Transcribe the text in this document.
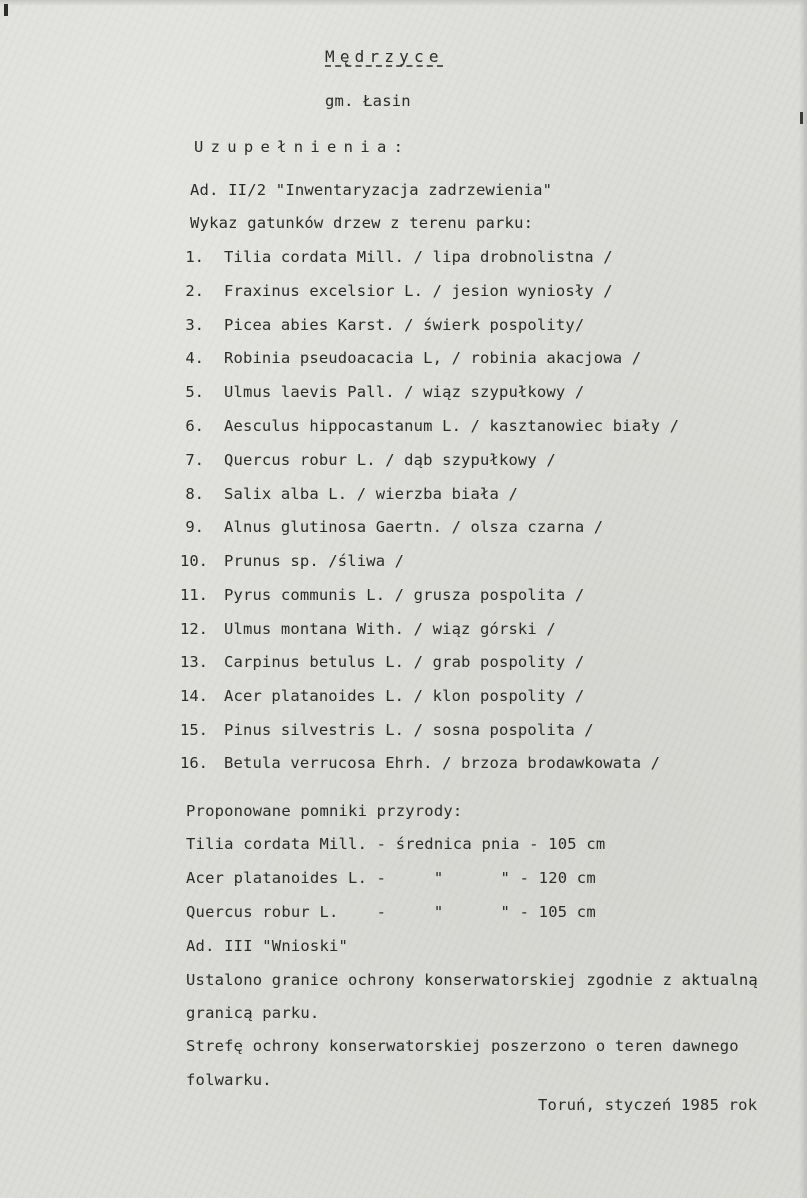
Mędrzyce
gm. Łasin
Uzupełnienia:
Ad. II/2 "Inwentaryzacja zadrzewienia"
Wykaz gatunków drzew z terenu parku:
1. Tilia cordata Mill. / lipa drobnolistna /
2. Fraxinus excelsior L. / jesion wyniosły /
3. Picea abies Karst. / świerk pospolity/
4. Robinia pseudoacacia L, / robinia akacjowa /
5. Ulmus laevis Pall. / wiąz szypułkowy /
6. Aesculus hippocastanum L. / kasztanowiec biały /
7. Quercus robur L. / dąb szypułkowy /
8. Salix alba L. / wierzba biała /
9. Alnus glutinosa Gaertn. / olsza czarna /
10. Prunus sp. /śliwa /
11. Pyrus communis L. / grusza pospolita /
12. Ulmus montana With. / wiąz górski /
13. Carpinus betulus L. / grab pospolity /
14. Acer platanoides L. / klon pospolity /
15. Pinus silvestris L. / sosna pospolita /
16. Betula verrucosa Ehrh. / brzoza brodawkowata /
Proponowane pomniki przyrody:
Tilia cordata Mill. - średnica pnia - 105 cm
Acer platanoides L. -     "      " - 120 cm
Quercus robur L.    -     "      " - 105 cm
Ad. III "Wnioski"
Ustalono granice ochrony konserwatorskiej zgodnie z aktualną
granicą parku.
Strefę ochrony konserwatorskiej poszerzono o teren dawnego
folwarku.
Toruń, styczeń 1985 rok
